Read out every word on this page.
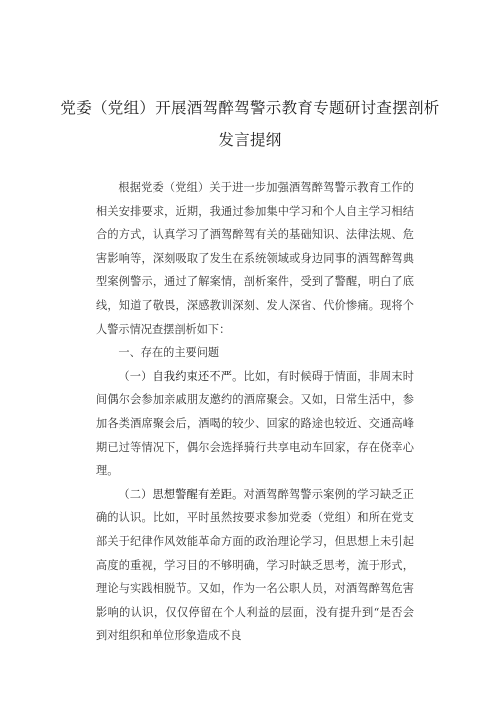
党委（党组）开展酒驾醉驾警示教育专题研讨查摆剖析
发言提纲

根据党委（党组）关于进一步加强酒驾醉驾警示教育工作的相关安排要求，近期，我通过参加集中学习和个人自主学习相结合的方式，认真学习了酒驾醉驾有关的基础知识、法律法规、危害影响等，深刻吸取了发生在系统领域或身边同事的酒驾醉驾典型案例警示，通过了解案情，剖析案件，受到了警醒，明白了底线，知道了敬畏，深感教训深刻、发人深省、代价惨痛。现将个人警示情况查摆剖析如下：

一、存在的主要问题

（一）自我约束还不严。比如，有时候碍于情面，非周末时间偶尔会参加亲戚朋友邀约的酒席聚会。又如，日常生活中，参加各类酒席聚会后，酒喝的较少、回家的路途也较近、交通高峰期已过等情况下，偶尔会选择骑行共享电动车回家，存在侥幸心理。

（二）思想警醒有差距。对酒驾醉驾警示案例的学习缺乏正确的认识。比如，平时虽然按要求参加党委（党组）和所在党支部关于纪律作风效能革命方面的政治理论学习，但思想上未引起高度的重视，学习目的不够明确，学习时缺乏思考，流于形式，理论与实践相脱节。又如，作为一名公职人员，对酒驾醉驾危害影响的认识，仅仅停留在个人利益的层面，没有提升到“是否会到对组织和单位形象造成不良
